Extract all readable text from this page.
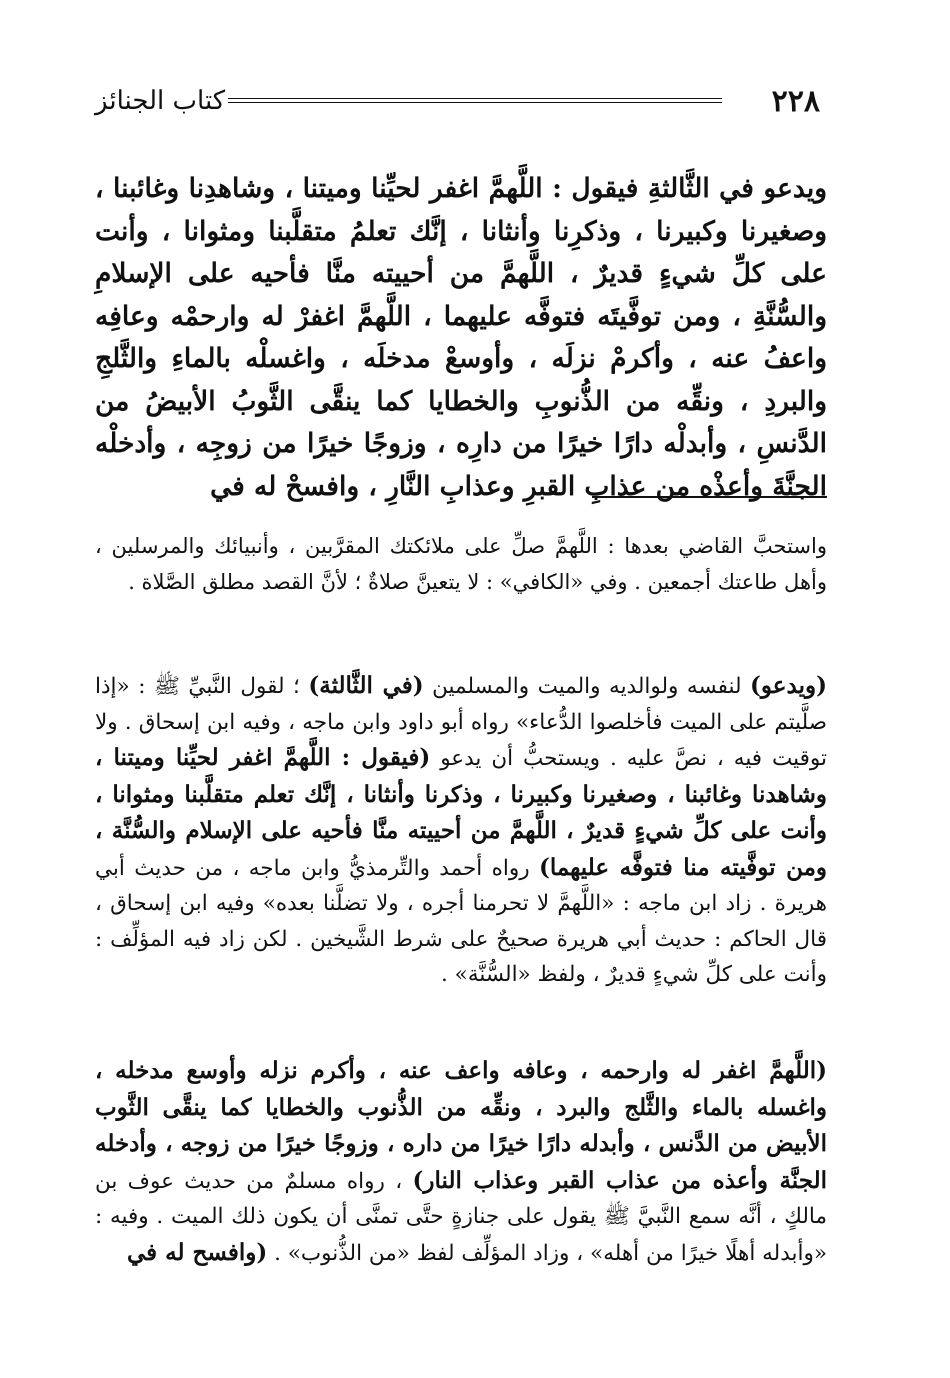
٢٢٨
كتاب الجنائز

ويدعو في الثَّالثةِ فيقول : اللَّهمَّ اغفر لحيِّنا وميتنا ، وشاهدِنا وغائبنا ، وصغيرنا وكبيرنا ، وذكرِنا وأنثانا ، إنَّك تعلمُ متقلَّبنا ومثوانا ، وأنت على كلِّ شيءٍ قديرٌ ، اللَّهمَّ من أحييته منَّا فأحيه على الإسلامِ والسُّنَّةِ ، ومن توفَّيتَه فتوفَّه عليهما ، اللَّهمَّ اغفرْ له وارحمْه وعافِه واعفُ عنه ، وأكرمْ نزلَه ، وأوسعْ مدخلَه ، واغسلْه بالماءِ والثَّلجِ والبردِ ، ونقِّه من الذُّنوبِ والخطايا كما ينقَّى الثَّوبُ الأبيضُ من الدَّنسِ ، وأبدلْه دارًا خيرًا من دارِه ، وزوجًا خيرًا من زوجِه ، وأدخلْه الجنَّةَ وأعذْه من عذابِ القبرِ وعذابِ النَّارِ ، وافسحْ له في

واستحبَّ القاضي بعدها : اللَّهمَّ صلِّ على ملائكتك المقرَّبين ، وأنبيائك والمرسلين ، وأهل طاعتك أجمعين . وفي «الكافي» : لا يتعينَّ صلاةٌ ؛ لأنَّ القصد مطلق الصَّلاة .

(ويدعو) لنفسه ولوالديه والميت والمسلمين (في الثَّالثة) ؛ لقول النَّبيِّ ﷺ : «إذا صلَّيتم على الميت فأخلصوا الدُّعاء» رواه أبو داود وابن ماجه ، وفيه ابن إسحاق . ولا توقيت فيه ، نصَّ عليه . ويستحبُّ أن يدعو (فيقول : اللَّهمَّ اغفر لحيِّنا وميتنا ، وشاهدنا وغائبنا ، وصغيرنا وكبيرنا ، وذكرنا وأنثانا ، إنَّك تعلم متقلَّبنا ومثوانا ، وأنت على كلِّ شيءٍ قديرٌ ، اللَّهمَّ من أحييته منَّا فأحيه على الإسلام والسُّنَّة ، ومن توفَّيته منا فتوفَّه عليهما) رواه أحمد والتِّرمذيُّ وابن ماجه ، من حديث أبي هريرة . زاد ابن ماجه : «اللَّهمَّ لا تحرمنا أجره ، ولا تضلَّنا بعده» وفيه ابن إسحاق ، قال الحاكم : حديث أبي هريرة صحيحٌ على شرط الشَّيخين . لكن زاد فيه المؤلِّف : وأنت على كلِّ شيءٍ قديرٌ ، ولفظ «السُّنَّة» .

(اللَّهمَّ اغفر له وارحمه ، وعافه واعف عنه ، وأكرم نزله وأوسع مدخله ، واغسله بالماء والثَّلج والبرد ، ونقِّه من الذُّنوب والخطايا كما ينقَّى الثَّوب الأبيض من الدَّنس ، وأبدله دارًا خيرًا من داره ، وزوجًا خيرًا من زوجه ، وأدخله الجنَّة وأعذه من عذاب القبر وعذاب النار) ، رواه مسلمٌ من حديث عوف بن مالكٍ ، أنَّه سمع النَّبيَّ ﷺ يقول على جنازةٍ حتَّى تمنَّى أن يكون ذلك الميت . وفيه : «وأبدله أهلًا خيرًا من أهله» ، وزاد المؤلِّف لفظ «من الذُّنوب» . (وافسح له في
